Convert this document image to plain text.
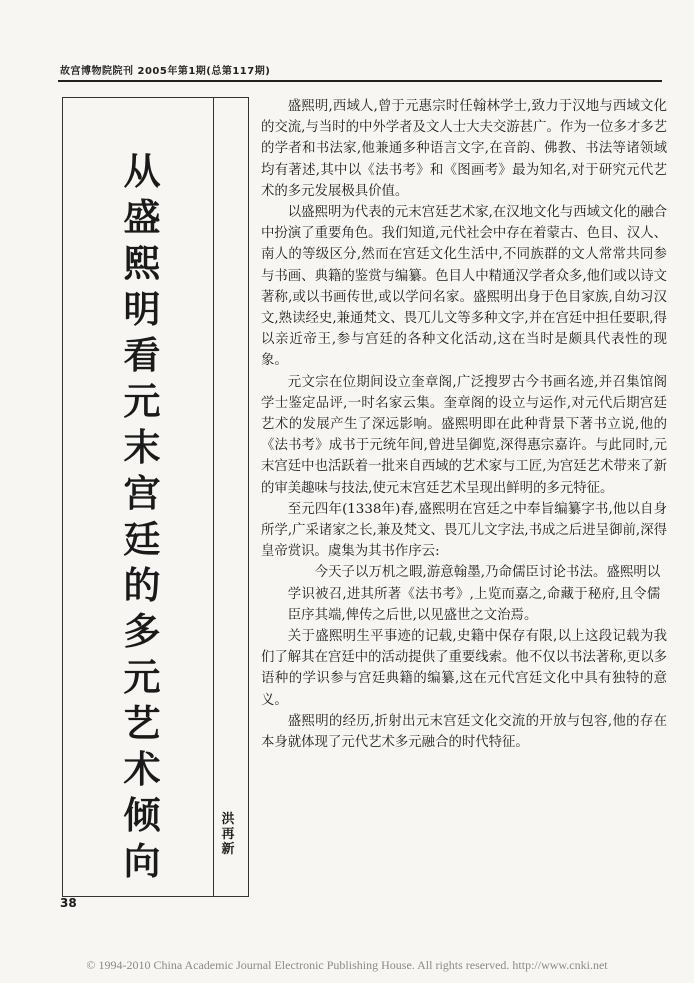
故宫博物院院刊 2005年第1期(总第117期)
从
盛
熙
明
看
元
末
宫
廷
的
多
元
艺
术
倾
向
洪
再
新

盛熙明,西域人,曾于元惠宗时任翰林学士,致力于汉地与西域文化的交流,与当时的中外学者及文人士大夫交游甚广。作为一位多才多艺的学者和书法家,他兼通多种语言文字,在音韵、佛教、书法等诸领域均有著述,其中以《法书考》和《图画考》最为知名,对于研究元代艺术的多元发展极具价值。

以盛熙明为代表的元末宫廷艺术家,在汉地文化与西域文化的融合中扮演了重要角色。我们知道,元代社会中存在着蒙古、色目、汉人、南人的等级区分,然而在宫廷文化生活中,不同族群的文人常常共同参与书画、典籍的鉴赏与编纂。色目人中精通汉学者众多,他们或以诗文著称,或以书画传世,或以学问名家。盛熙明出身于色目家族,自幼习汉文,熟读经史,兼通梵文、畏兀儿文等多种文字,并在宫廷中担任要职,得以亲近帝王,参与宫廷的各种文化活动,这在当时是颇具代表性的现象。

元文宗在位期间设立奎章阁,广泛搜罗古今书画名迹,并召集馆阁学士鉴定品评,一时名家云集。奎章阁的设立与运作,对元代后期宫廷艺术的发展产生了深远影响。盛熙明即在此种背景下著书立说,他的《法书考》成书于元统年间,曾进呈御览,深得惠宗嘉许。与此同时,元末宫廷中也活跃着一批来自西域的艺术家与工匠,为宫廷艺术带来了新的审美趣味与技法,使元末宫廷艺术呈现出鲜明的多元特征。

至元四年(1338年)春,盛熙明在宫廷之中奉旨编纂字书,他以自身所学,广采诸家之长,兼及梵文、畏兀儿文字法,书成之后进呈御前,深得皇帝赏识。虞集为其书作序云:

今天子以万机之暇,游意翰墨,乃命儒臣讨论书法。盛熙明以学识被召,进其所著《法书考》,上览而嘉之,命藏于秘府,且令儒臣序其端,俾传之后世,以见盛世之文治焉。

关于盛熙明生平事迹的记载,史籍中保存有限,以上这段记载为我们了解其在宫廷中的活动提供了重要线索。他不仅以书法著称,更以多语种的学识参与宫廷典籍的编纂,这在元代宫廷文化中具有独特的意义。

盛熙明的经历,折射出元末宫廷文化交流的开放与包容,他的存在本身就体现了元代艺术多元融合的时代特征。

38
© 1994-2010 China Academic Journal Electronic Publishing House. All rights reserved. http://www.cnki.net
